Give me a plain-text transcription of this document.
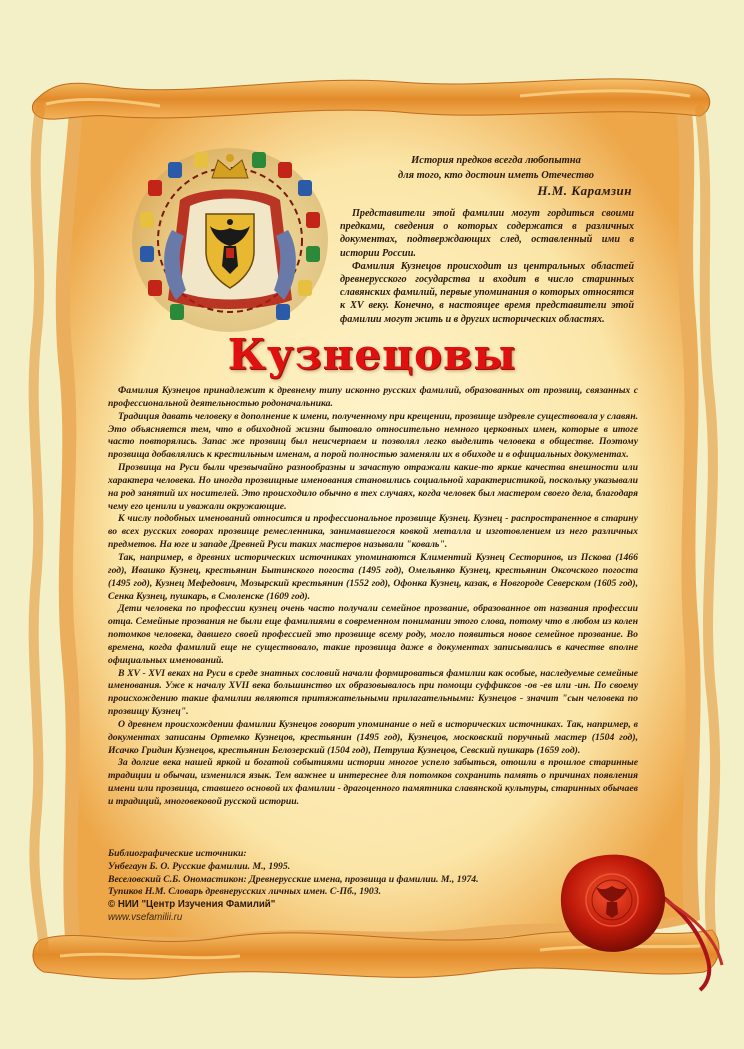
История предков всегда любопытна
для того, кто достоин иметь Отечество
Н.М. Карамзин

Представители этой фамилии могут гордиться своими предками, сведения о которых содержатся в различных документах, подтверждающих след, оставленный ими в истории России.

Фамилия Кузнецов происходит из центральных областей древнерусского государства и входит в число старинных славянских фамилий, первые упоминания о которых относятся к XV веку. Конечно, в настоящее время представители этой фамилии могут жить и в других исторических областях.

Кузнецовы

Фамилия Кузнецов принадлежит к древнему типу исконно русских фамилий, образованных от прозвищ, связанных с профессиональной деятельностью родоначальника.

Традиция давать человеку в дополнение к имени, полученному при крещении, прозвище издревле существовала у славян. Это объясняется тем, что в обиходной жизни бытовало относительно немного церковных имен, которые в итоге часто повторялись. Запас же прозвищ был неисчерпаем и позволял легко выделить человека в обществе. Поэтому прозвища добавлялись к крестильным именам, а порой полностью заменяли их в обиходе и в официальных документах.

Прозвища на Руси были чрезвычайно разнообразны и зачастую отражали какие-то яркие качества внешности или характера человека. Но иногда прозвищные именования становились социальной характеристикой, поскольку указывали на род занятий их носителей. Это происходило обычно в тех случаях, когда человек был мастером своего дела, благодаря чему его ценили и уважали окружающие.

К числу подобных именований относится и профессиональное прозвище Кузнец. Кузнец - распространенное в старину во всех русских говорах прозвище ремесленника, занимавшегося ковкой металла и изготовлением из него различных предметов. На юге и западе Древней Руси таких мастеров называли "коваль".

Так, например, в древних исторических источниках упоминаются Климентий Кузнец Сесторинов, из Пскова (1466 год), Ивашко Кузнец, крестьянин Бытинского погоста (1495 год), Омельянко Кузнец, крестьянин Оксочского погоста (1495 год), Кузнец Мефедович, Мозырский крестьянин (1552 год), Офонка Кузнец, казак, в Новгороде Северском (1605 год), Сенка Кузнец, пушкарь, в Смоленске (1609 год).

Дети человека по профессии кузнец очень часто получали семейное прозвание, образованное от названия профессии отца. Семейные прозвания не были еще фамилиями в современном понимании этого слова, потому что в любом из колен потомков человека, давшего своей профессией это прозвище всему роду, могло появиться новое семейное прозвание. Во времена, когда фамилий еще не существовало, такие прозвища даже в документах записывались в качестве вполне официальных именований.

В XV - XVI веках на Руси в среде знатных сословий начали формироваться фамилии как особые, наследуемые семейные именования. Уже к началу XVII века большинство их образовывалось при помощи суффиксов -ов -ев или -ин. По своему происхождению такие фамилии являются притяжательными прилагательными: Кузнецов - значит "сын человека по прозвищу Кузнец".

О древнем происхождении фамилии Кузнецов говорит упоминание о ней в исторических источниках. Так, например, в документах записаны Ортемко Кузнецов, крестьянин (1495 год), Кузнецов, московский поручный мастер (1504 год), Исачко Гридин Кузнецов, крестьянин Белозерский (1504 год), Петруша Кузнецов, Севский пушкарь (1659 год).

За долгие века нашей яркой и богатой событиями истории многое успело забыться, отошли в прошлое старинные традиции и обычаи, изменился язык. Тем важнее и интереснее для потомков сохранить память о причинах появления имени или прозвища, ставшего основой их фамилии - драгоценного памятника славянской культуры, старинных обычаев и традиций, многовековой русской истории.

Библиографические источники:
Унбегаун Б. О. Русские фамилии. М., 1995.
Веселовский С.Б. Ономастикон: Древнерусские имена, прозвища и фамилии. М., 1974.
Тупиков Н.М. Словарь древнерусских личных имен. С-Пб., 1903.
© НИИ "Центр Изучения Фамилий"
www.vsefamilii.ru
